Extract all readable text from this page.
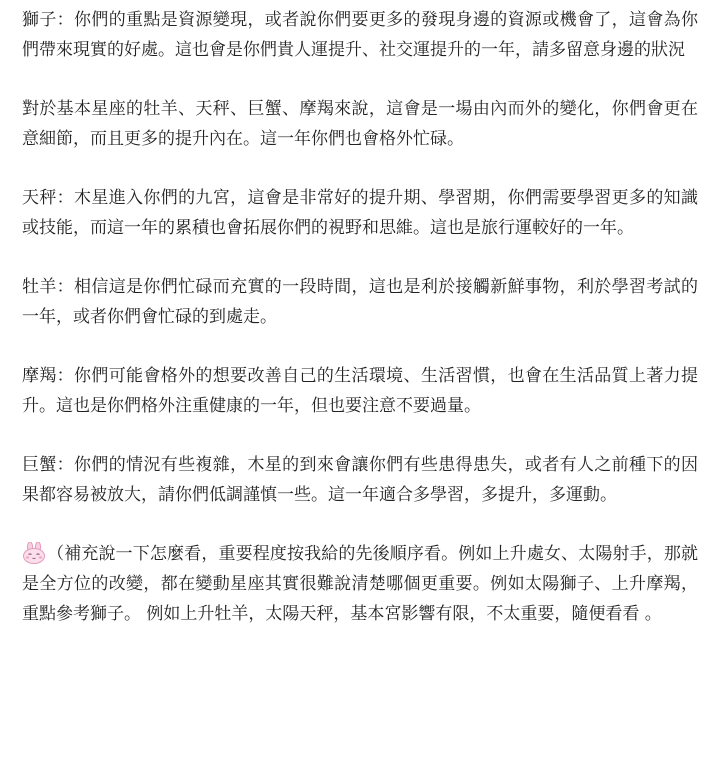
獅子：你們的重點是資源變現，或者說你們要更多的發現身邊的資源或機會了，這會為你們帶來現實的好處。這也會是你們貴人運提升、社交運提升的一年，請多留意身邊的狀況

對於基本星座的牡羊、天秤、巨蟹、摩羯來說，這會是一場由內而外的變化，你們會更在意細節，而且更多的提升內在。這一年你們也會格外忙碌。

天秤：木星進入你們的九宮，這會是非常好的提升期、學習期，你們需要學習更多的知識或技能，而這一年的累積也會拓展你們的視野和思維。這也是旅行運較好的一年。

牡羊：相信這是你們忙碌而充實的一段時間，這也是利於接觸新鮮事物，利於學習考試的一年，或者你們會忙碌的到處走。

摩羯：你們可能會格外的想要改善自己的生活環境、生活習慣，也會在生活品質上著力提升。這也是你們格外注重健康的一年，但也要注意不要過量。

巨蟹：你們的情況有些複雜，木星的到來會讓你們有些患得患失，或者有人之前種下的因果都容易被放大，請你們低調謹慎一些。這一年適合多學習，多提升，多運動。

（補充說一下怎麼看，重要程度按我給的先後順序看。例如上升處女、太陽射手，那就是全方位的改變，都在變動星座其實很難說清楚哪個更重要。例如太陽獅子、上升摩羯，重點參考獅子。 例如上升牡羊，太陽天秤，基本宮影響有限，不太重要，隨便看看 。
